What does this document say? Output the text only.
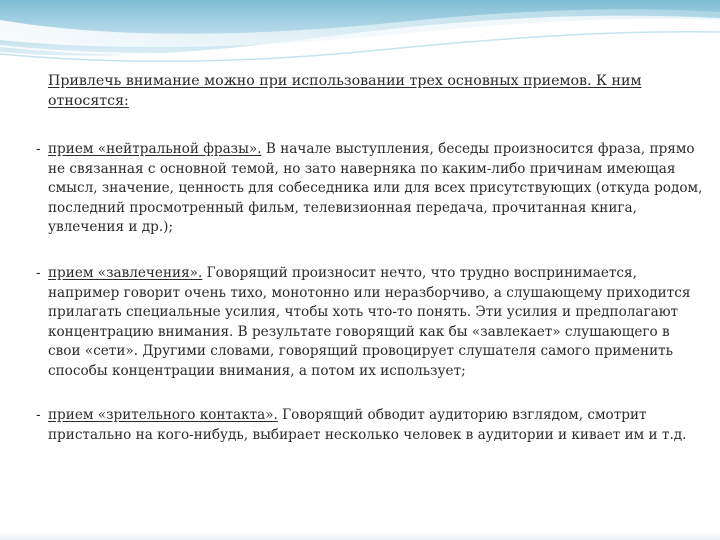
Привлечь внимание можно при использовании трех основных приемов. К ним относятся:
- прием «нейтральной фразы». В начале выступления, беседы произносится фраза, прямо не связанная с основной темой, но зато наверняка по каким-либо причинам имеющая смысл, значение, ценность для собеседника или для всех присутствующих (откуда родом, последний просмотренный фильм, телевизионная передача, прочитанная книга, увлечения и др.);
- прием «завлечения». Говорящий произносит нечто, что трудно воспринимается, например говорит очень тихо, монотонно или неразборчиво, а слушающему приходится прилагать специальные усилия, чтобы хоть что-то понять. Эти усилия и предполагают концентрацию внимания. В результате говорящий как бы «завлекает» слушающего в свои «сети». Другими словами, говорящий провоцирует слушателя самого применить способы концентрации внимания, а потом их использует;
- прием «зрительного контакта». Говорящий обводит аудиторию взглядом, смотрит пристально на кого-нибудь, выбирает несколько человек в аудитории и кивает им и т.д.
